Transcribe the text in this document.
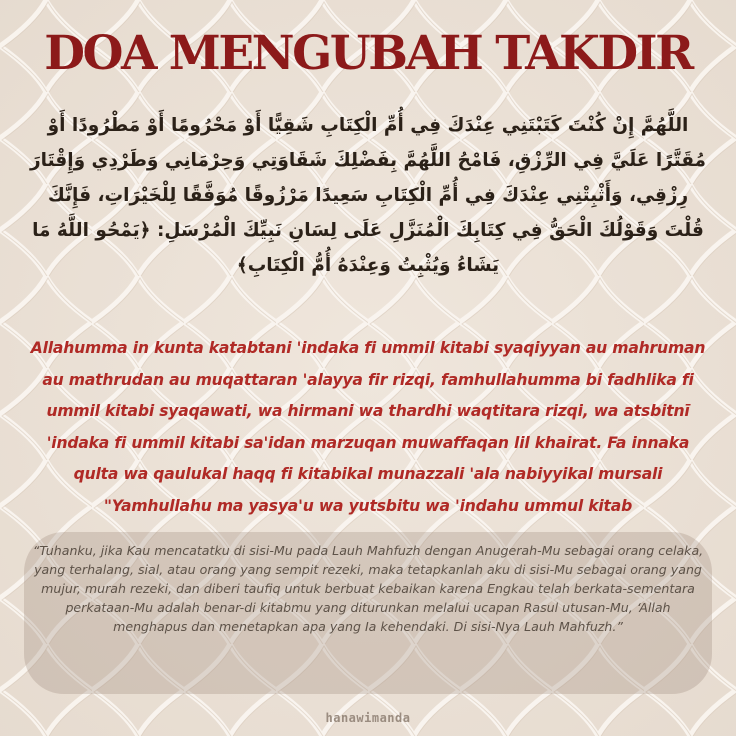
DOA MENGUBAH TAKDIR
اللَّهُمَّ إِنْ كُنْتَ كَتَبْتَنِي عِنْدَكَ فِي أُمِّ الْكِتَابِ شَقِيًّا أَوْ مَحْرُومًا أَوْ مَطْرُودًا أَوْ مُقَتَّرًا عَلَيَّ فِي الرِّزْقِ، فَامْحُ اللَّهُمَّ بِفَضْلِكَ شَقَاوَتِي وَحِرْمَانِي وَطَرْدِي وَإِقْتَارَ رِزْقِي، وَأَثْبِتْنِي عِنْدَكَ فِي أُمِّ الْكِتَابِ سَعِيدًا مَرْزُوقًا مُوَفَّقًا لِلْخَيْرَاتِ، فَإِنَّكَ قُلْتَ وَقَوْلُكَ الْحَقُّ فِي كِتَابِكَ الْمُنَزَّلِ عَلَى لِسَانِ نَبِيِّكَ الْمُرْسَلِ: ﴿يَمْحُو اللَّهُ مَا يَشَاءُ وَيُثْبِتُ وَعِنْدَهُ أُمُّ الْكِتَابِ﴾
Allahumma in kunta katabtani 'indaka fi ummil kitabi syaqiyyan au mahruman au mathrudan au muqattaran 'alayya fir rizqi, famhullahumma bi fadhlika fi ummil kitabi syaqawati, wa hirmani wa thardhi waqtitara rizqi, wa atsbitnī 'indaka fi ummil kitabi sa'idan marzuqan muwaffaqan lil khairat. Fa innaka qulta wa qaulukal haqq fi kitabikal munazzali 'ala nabiyyikal mursali "Yamhullahu ma yasya'u wa yutsbitu wa 'indahu ummul kitab
“Tuhanku, jika Kau mencatatku di sisi-Mu pada Lauh Mahfuzh dengan Anugerah-Mu sebagai orang celaka, yang terhalang, sial, atau orang yang sempit rezeki, maka tetapkanlah aku di sisi-Mu sebagai orang yang mujur, murah rezeki, dan diberi taufiq untuk berbuat kebaikan karena Engkau telah berkata-sementara perkataan-Mu adalah benar-di kitabmu yang diturunkan melalui ucapan Rasul utusan-Mu, ‘Allah menghapus dan menetapkan apa yang Ia kehendaki. Di sisi-Nya Lauh Mahfuzh.”
hanawimanda
